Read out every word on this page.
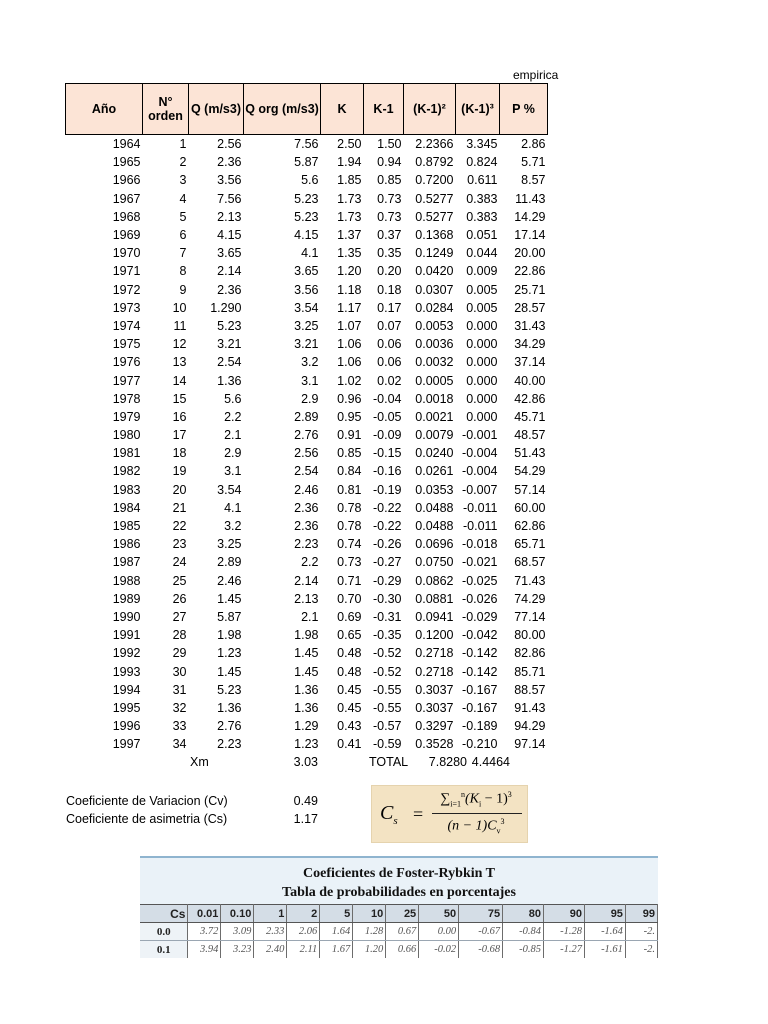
empirica
Año	N° orden	Q (m/s3)	Q org (m/s3)	K	K-1	(K-1)²	(K-1)³	P %
1964	1	2.56	7.56	2.50	1.50	2.2366	3.345	2.86
1965	2	2.36	5.87	1.94	0.94	0.8792	0.824	5.71
1966	3	3.56	5.6	1.85	0.85	0.7200	0.611	8.57
1967	4	7.56	5.23	1.73	0.73	0.5277	0.383	11.43
1968	5	2.13	5.23	1.73	0.73	0.5277	0.383	14.29
1969	6	4.15	4.15	1.37	0.37	0.1368	0.051	17.14
1970	7	3.65	4.1	1.35	0.35	0.1249	0.044	20.00
1971	8	2.14	3.65	1.20	0.20	0.0420	0.009	22.86
1972	9	2.36	3.56	1.18	0.18	0.0307	0.005	25.71
1973	10	1.290	3.54	1.17	0.17	0.0284	0.005	28.57
1974	11	5.23	3.25	1.07	0.07	0.0053	0.000	31.43
1975	12	3.21	3.21	1.06	0.06	0.0036	0.000	34.29
1976	13	2.54	3.2	1.06	0.06	0.0032	0.000	37.14
1977	14	1.36	3.1	1.02	0.02	0.0005	0.000	40.00
1978	15	5.6	2.9	0.96	-0.04	0.0018	0.000	42.86
1979	16	2.2	2.89	0.95	-0.05	0.0021	0.000	45.71
1980	17	2.1	2.76	0.91	-0.09	0.0079	-0.001	48.57
1981	18	2.9	2.56	0.85	-0.15	0.0240	-0.004	51.43
1982	19	3.1	2.54	0.84	-0.16	0.0261	-0.004	54.29
1983	20	3.54	2.46	0.81	-0.19	0.0353	-0.007	57.14
1984	21	4.1	2.36	0.78	-0.22	0.0488	-0.011	60.00
1985	22	3.2	2.36	0.78	-0.22	0.0488	-0.011	62.86
1986	23	3.25	2.23	0.74	-0.26	0.0696	-0.018	65.71
1987	24	2.89	2.2	0.73	-0.27	0.0750	-0.021	68.57
1988	25	2.46	2.14	0.71	-0.29	0.0862	-0.025	71.43
1989	26	1.45	2.13	0.70	-0.30	0.0881	-0.026	74.29
1990	27	5.87	2.1	0.69	-0.31	0.0941	-0.029	77.14
1991	28	1.98	1.98	0.65	-0.35	0.1200	-0.042	80.00
1992	29	1.23	1.45	0.48	-0.52	0.2718	-0.142	82.86
1993	30	1.45	1.45	0.48	-0.52	0.2718	-0.142	85.71
1994	31	5.23	1.36	0.45	-0.55	0.3037	-0.167	88.57
1995	32	1.36	1.36	0.45	-0.55	0.3037	-0.167	91.43
1996	33	2.76	1.29	0.43	-0.57	0.3297	-0.189	94.29
1997	34	2.23	1.23	0.41	-0.59	0.3528	-0.210	97.14
Xm	3.03	TOTAL	7.8280 4.4464
Coeficiente de Variacion (Cv)	0.49
Coeficiente de asimetria (Cs)	1.17	$C_s$ =
$\sum_{i=1}^n(K_i - 1)^3$
$(n - 1)C_v^3$
Coeficientes de Foster-Rybkin T
Tabla de probabilidades en porcentajes
Cs	0.01	0.10	1	2	5	10	25	50	75	80	90	95	99
0.0	3.72	3.09	2.33	2.06	1.64	1.28	0.67	0.00	-0.67	-0.84	-1.28	-1.64	-2.
0.1	3.94	3.23	2.40	2.11	1.67	1.20	0.66	-0.02	-0.68	-0.85	-1.27	-1.61	-2.
